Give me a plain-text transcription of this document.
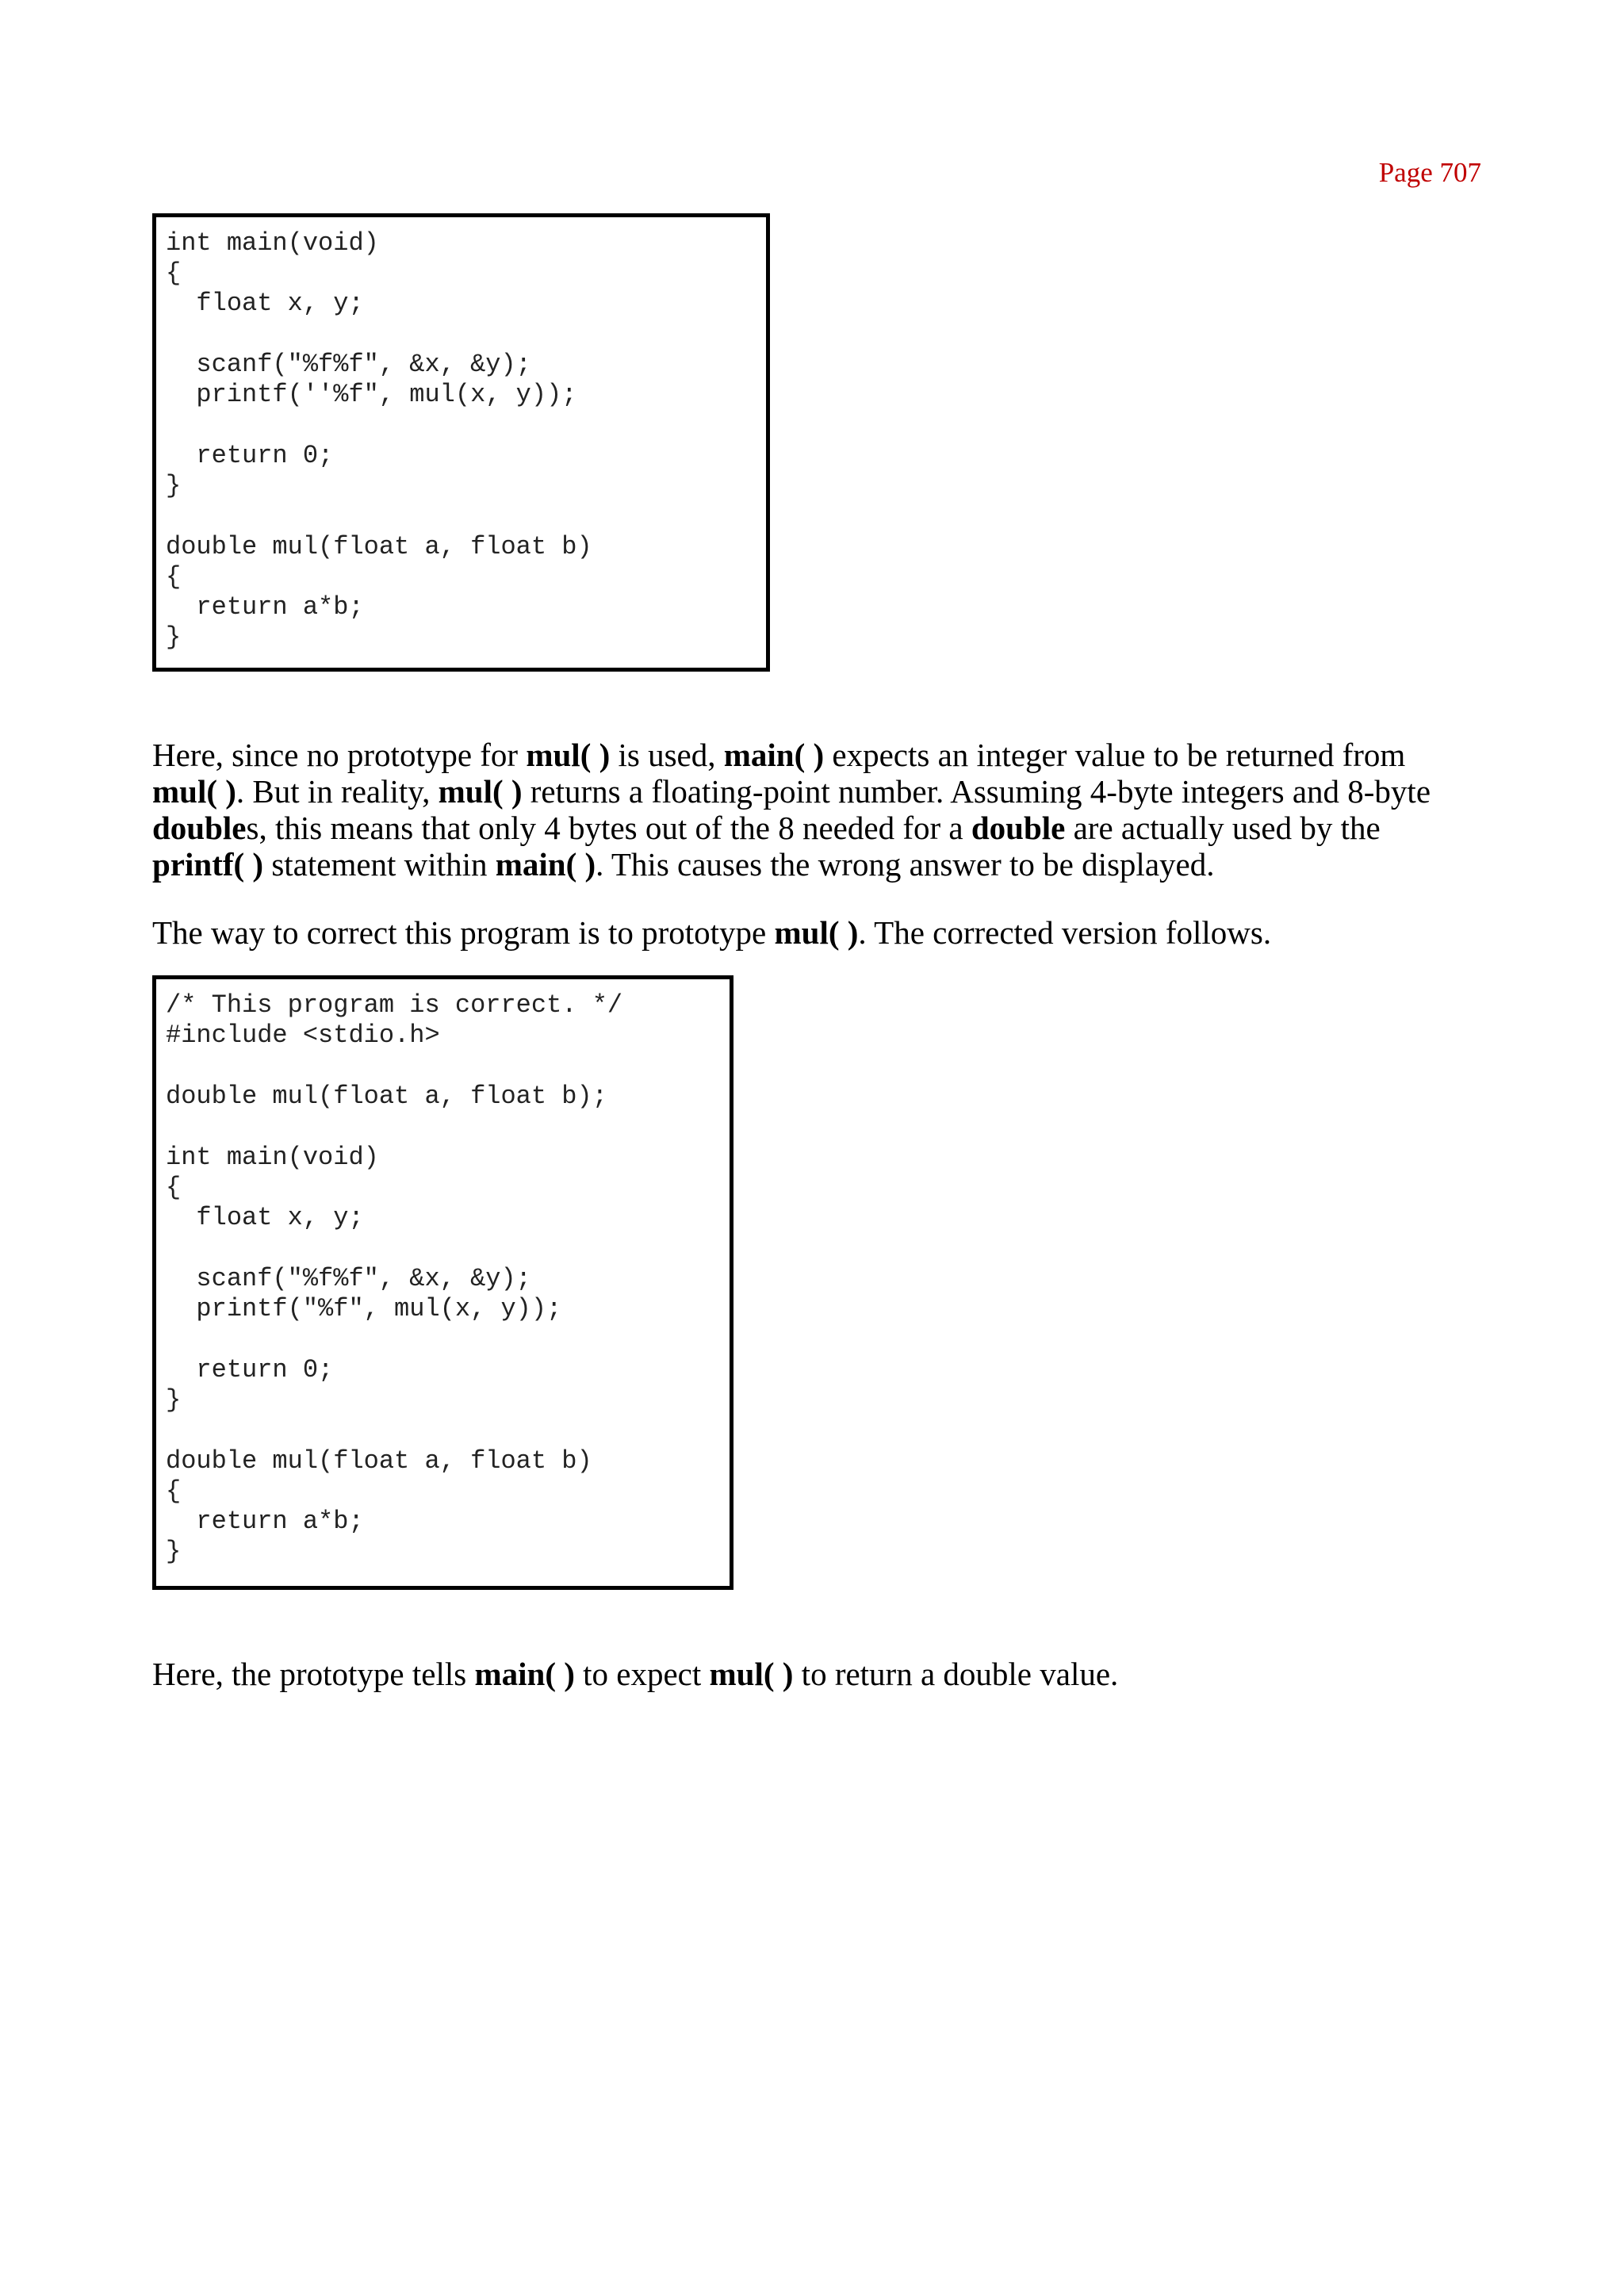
Page 707
int main(void)
{
float x, y;
scanf("%f%f", &x, &y);
printf(''%f", mul(x, y));
return 0;
}
double mul(float a, float b)
{
return a*b;
}
Here, since no prototype for mul( ) is used, main( ) expects an integer value to be returned from
mul( ). But in reality, mul( ) returns a floating-point number. Assuming 4-byte integers and 8-byte
doubles, this means that only 4 bytes out of the 8 needed for a double are actually used by the
printf( ) statement within main( ). This causes the wrong answer to be displayed.
The way to correct this program is to prototype mul( ). The corrected version follows.
/* This program is correct. */
#include <stdio.h>
double mul(float a, float b);
int main(void)
{
float x, y;
scanf("%f%f", &x, &y);
printf("%f", mul(x, y));
return 0;
}
double mul(float a, float b)
{
return a*b;
}
Here, the prototype tells main( ) to expect mul( ) to return a double value.
